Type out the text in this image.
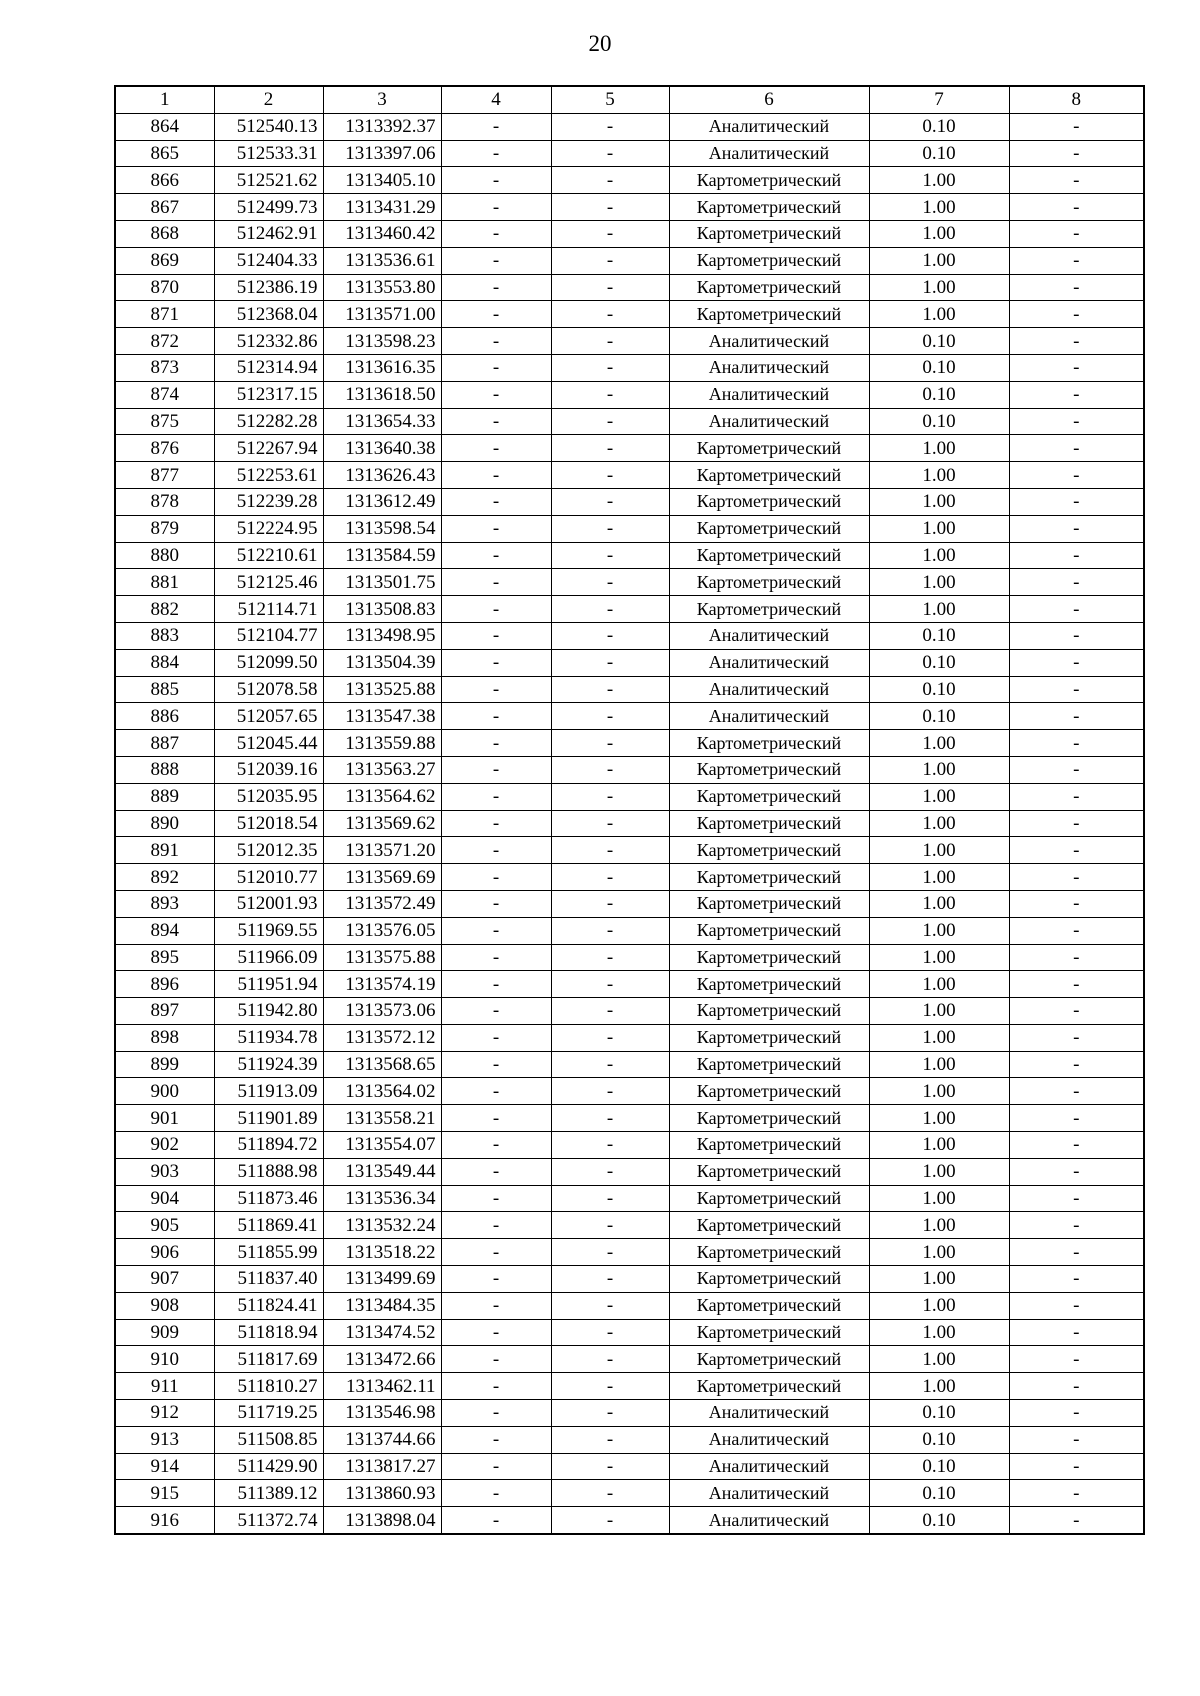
20
1	2	3	4	5	6	7	8
864	512540.13	1313392.37	-	-	Аналитический	0.10	-
865	512533.31	1313397.06	-	-	Аналитический	0.10	-
866	512521.62	1313405.10	-	-	Картометрический	1.00	-
867	512499.73	1313431.29	-	-	Картометрический	1.00	-
868	512462.91	1313460.42	-	-	Картометрический	1.00	-
869	512404.33	1313536.61	-	-	Картометрический	1.00	-
870	512386.19	1313553.80	-	-	Картометрический	1.00	-
871	512368.04	1313571.00	-	-	Картометрический	1.00	-
872	512332.86	1313598.23	-	-	Аналитический	0.10	-
873	512314.94	1313616.35	-	-	Аналитический	0.10	-
874	512317.15	1313618.50	-	-	Аналитический	0.10	-
875	512282.28	1313654.33	-	-	Аналитический	0.10	-
876	512267.94	1313640.38	-	-	Картометрический	1.00	-
877	512253.61	1313626.43	-	-	Картометрический	1.00	-
878	512239.28	1313612.49	-	-	Картометрический	1.00	-
879	512224.95	1313598.54	-	-	Картометрический	1.00	-
880	512210.61	1313584.59	-	-	Картометрический	1.00	-
881	512125.46	1313501.75	-	-	Картометрический	1.00	-
882	512114.71	1313508.83	-	-	Картометрический	1.00	-
883	512104.77	1313498.95	-	-	Аналитический	0.10	-
884	512099.50	1313504.39	-	-	Аналитический	0.10	-
885	512078.58	1313525.88	-	-	Аналитический	0.10	-
886	512057.65	1313547.38	-	-	Аналитический	0.10	-
887	512045.44	1313559.88	-	-	Картометрический	1.00	-
888	512039.16	1313563.27	-	-	Картометрический	1.00	-
889	512035.95	1313564.62	-	-	Картометрический	1.00	-
890	512018.54	1313569.62	-	-	Картометрический	1.00	-
891	512012.35	1313571.20	-	-	Картометрический	1.00	-
892	512010.77	1313569.69	-	-	Картометрический	1.00	-
893	512001.93	1313572.49	-	-	Картометрический	1.00	-
894	511969.55	1313576.05	-	-	Картометрический	1.00	-
895	511966.09	1313575.88	-	-	Картометрический	1.00	-
896	511951.94	1313574.19	-	-	Картометрический	1.00	-
897	511942.80	1313573.06	-	-	Картометрический	1.00	-
898	511934.78	1313572.12	-	-	Картометрический	1.00	-
899	511924.39	1313568.65	-	-	Картометрический	1.00	-
900	511913.09	1313564.02	-	-	Картометрический	1.00	-
901	511901.89	1313558.21	-	-	Картометрический	1.00	-
902	511894.72	1313554.07	-	-	Картометрический	1.00	-
903	511888.98	1313549.44	-	-	Картометрический	1.00	-
904	511873.46	1313536.34	-	-	Картометрический	1.00	-
905	511869.41	1313532.24	-	-	Картометрический	1.00	-
906	511855.99	1313518.22	-	-	Картометрический	1.00	-
907	511837.40	1313499.69	-	-	Картометрический	1.00	-
908	511824.41	1313484.35	-	-	Картометрический	1.00	-
909	511818.94	1313474.52	-	-	Картометрический	1.00	-
910	511817.69	1313472.66	-	-	Картометрический	1.00	-
911	511810.27	1313462.11	-	-	Картометрический	1.00	-
912	511719.25	1313546.98	-	-	Аналитический	0.10	-
913	511508.85	1313744.66	-	-	Аналитический	0.10	-
914	511429.90	1313817.27	-	-	Аналитический	0.10	-
915	511389.12	1313860.93	-	-	Аналитический	0.10	-
916	511372.74	1313898.04	-	-	Аналитический	0.10	-
